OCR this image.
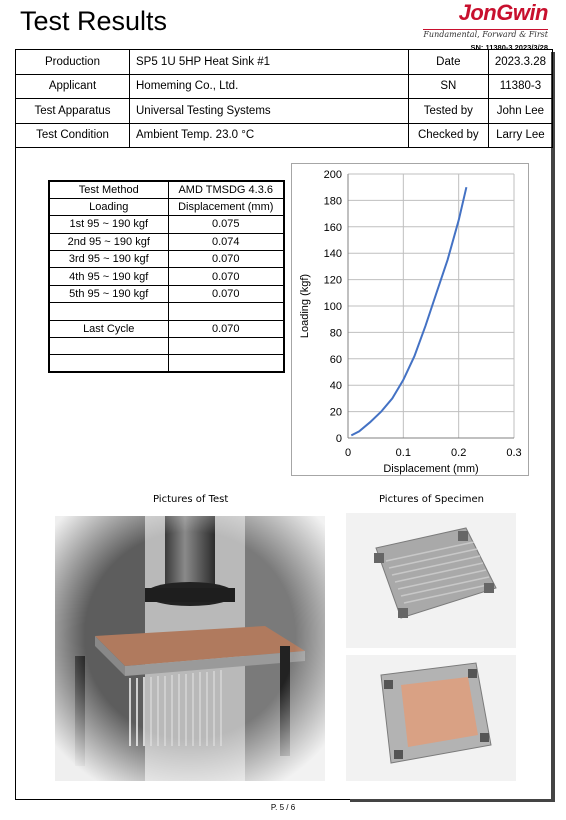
Test Results	JonGwin
Fundamental, Forward & First
SN: 11380-3 2023/3/28
Production	SP5 1U 5HP Heat Sink #1	Date	2023.3.28
Applicant	Homeming Co., Ltd.	SN	11380-3
Test Apparatus	Universal Testing Systems	Tested by	John Lee
Test Condition	Ambient Temp. 23.0 °C	Checked by	Larry Lee
Test Method	AMD TMSDG 4.3.6
Loading	Displacement (mm)
1st 95 ~ 190 kgf	0.075
2nd 95 ~ 190 kgf	0.074
3rd 95 ~ 190 kgf	0.070
4th 95 ~ 190 kgf	0.070
5th 95 ~ 190 kgf	0.070

Last Cycle	0.070

0
20
40
60
80
100
120
140
160
180
200
0	0.1	0.2	0.3
Displacement (mm)
Loading (kgf)
Pictures of Test	Pictures of Specimen
P. 5 / 6
